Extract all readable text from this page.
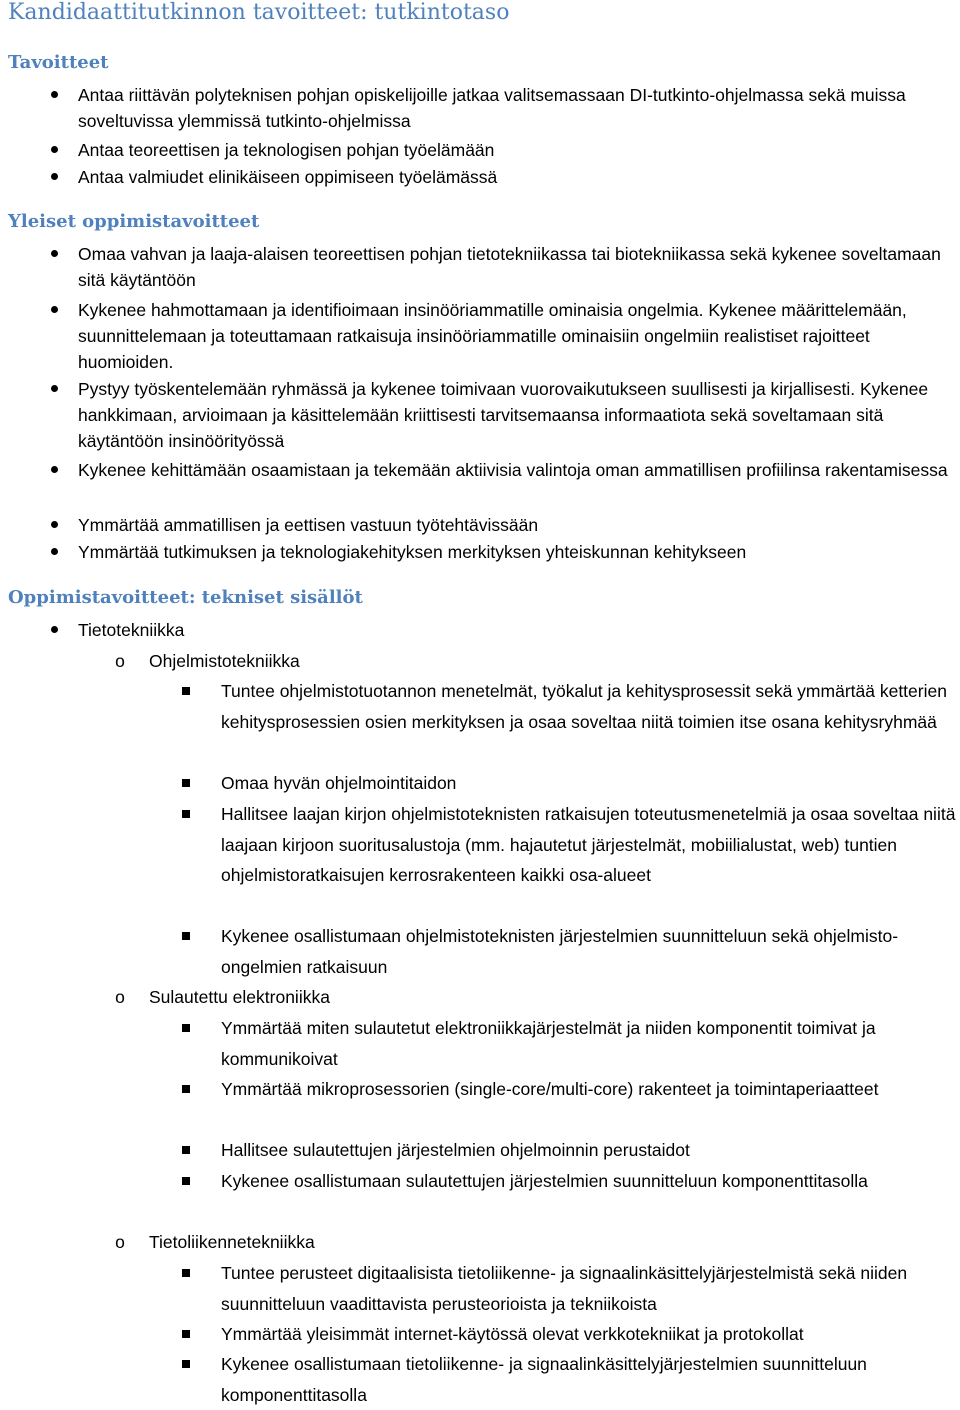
Kandidaattitutkinnon tavoitteet: tutkintotaso
Tavoitteet
Antaa riittävän polyteknisen pohjan opiskelijoille jatkaa valitsemassaan DI-tutkinto-ohjelmassa sekä muissa soveltuvissa ylemmissä tutkinto-ohjelmissa
Antaa teoreettisen ja teknologisen pohjan työelämään
Antaa valmiudet elinikäiseen oppimiseen työelämässä
Yleiset oppimistavoitteet
Omaa vahvan ja laaja-alaisen teoreettisen pohjan tietotekniikassa tai biotekniikassa sekä kykenee soveltamaan sitä käytäntöön
Kykenee hahmottamaan ja identifioimaan insinööriammatille ominaisia ongelmia. Kykenee määrittelemään, suunnittelemaan ja toteuttamaan ratkaisuja insinööriammatille ominaisiin ongelmiin realistiset rajoitteet huomioiden.
Pystyy työskentelemään ryhmässä ja kykenee toimivaan vuorovaikutukseen suullisesti ja kirjallisesti. Kykenee hankkimaan, arvioimaan ja käsittelemään kriittisesti tarvitsemaansa informaatiota sekä soveltamaan sitä käytäntöön insinöörityössä
Kykenee kehittämään osaamistaan ja tekemään aktiivisia valintoja oman ammatillisen profiilinsa rakentamisessa
Ymmärtää ammatillisen ja eettisen vastuun työtehtävissään
Ymmärtää tutkimuksen ja teknologiakehityksen merkityksen yhteiskunnan kehitykseen
Oppimistavoitteet: tekniset sisällöt
Tietotekniikka
o Ohjelmistotekniikka
Tuntee ohjelmistotuotannon menetelmät, työkalut ja kehitysprosessit sekä ymmärtää ketterien kehitysprosessien osien merkityksen ja osaa soveltaa niitä toimien itse osana kehitysryhmää
Omaa hyvän ohjelmointitaidon
Hallitsee laajan kirjon ohjelmistoteknisten ratkaisujen toteutusmenetelmiä ja osaa soveltaa niitä laajaan kirjoon suoritusalustoja (mm. hajautetut järjestelmät, mobiilialustat, web) tuntien ohjelmistoratkaisujen kerrosrakenteen kaikki osa-alueet
Kykenee osallistumaan ohjelmistoteknisten järjestelmien suunnitteluun sekä ohjelmisto-ongelmien ratkaisuun
o Sulautettu elektroniikka
Ymmärtää miten sulautetut elektroniikkajärjestelmät ja niiden komponentit toimivat ja kommunikoivat
Ymmärtää mikroprosessorien (single-core/multi-core) rakenteet ja toimintaperiaatteet
Hallitsee sulautettujen järjestelmien ohjelmoinnin perustaidot
Kykenee osallistumaan sulautettujen järjestelmien suunnitteluun komponenttitasolla
o Tietoliikennetekniikka
Tuntee perusteet digitaalisista tietoliikenne- ja signaalinkäsittelyjärjestelmistä sekä niiden suunnitteluun vaadittavista perusteorioista ja tekniikoista
Ymmärtää yleisimmät internet-käytössä olevat verkkotekniikat ja protokollat
Kykenee osallistumaan tietoliikenne- ja signaalinkäsittelyjärjestelmien suunnitteluun komponenttitasolla
